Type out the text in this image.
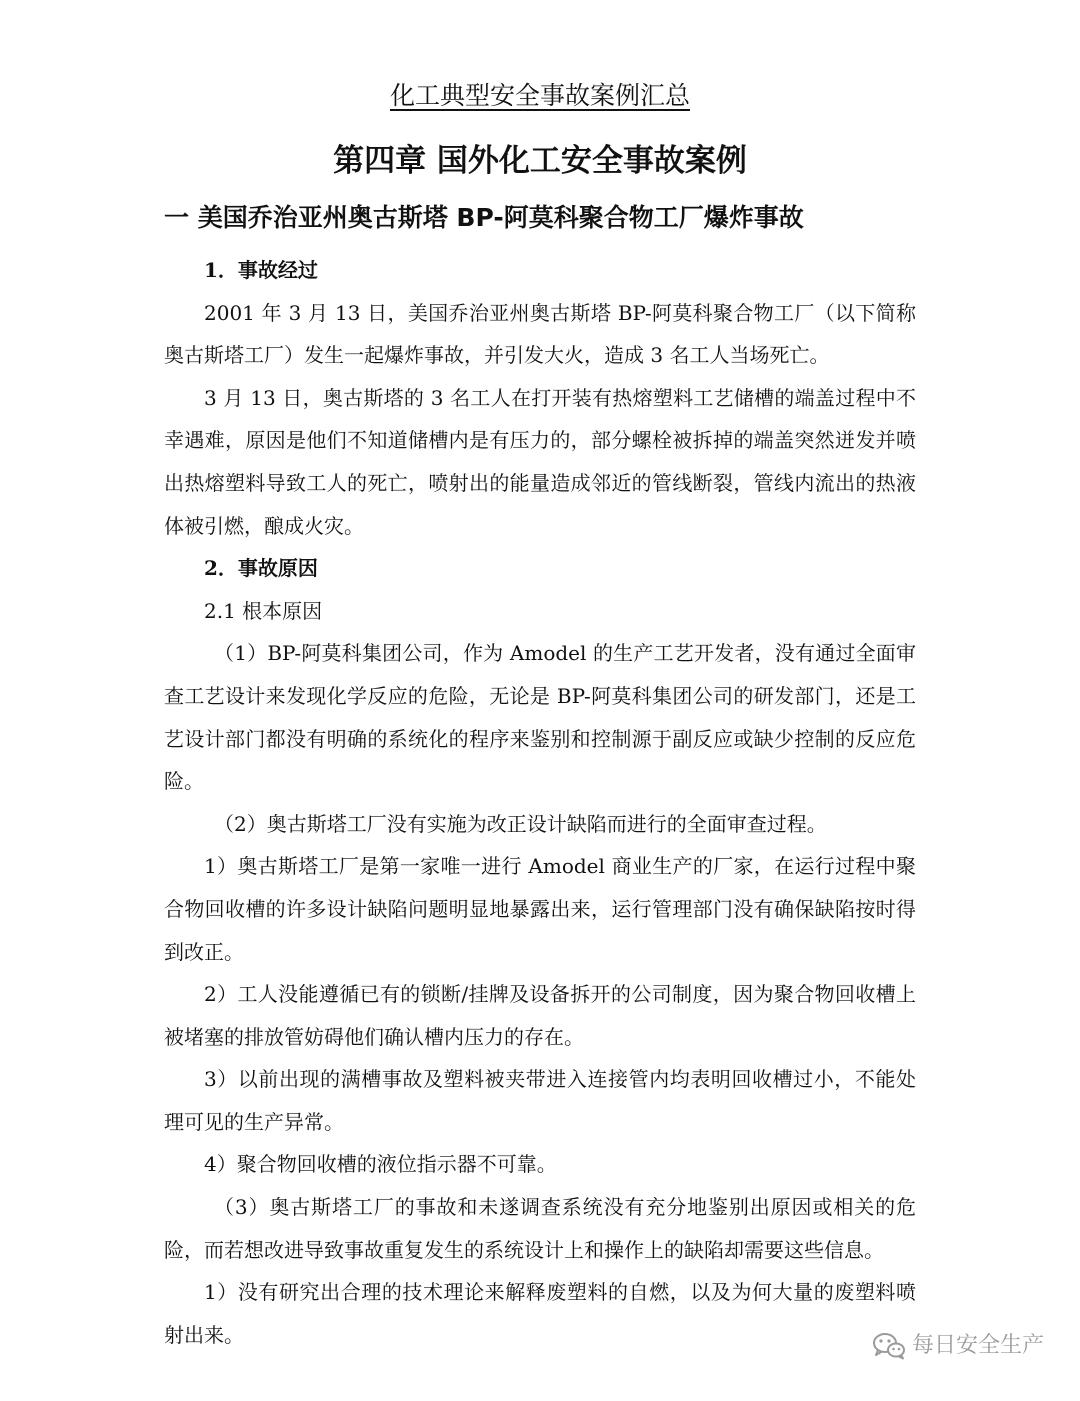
化工典型安全事故案例汇总
第四章 国外化工安全事故案例
一 美国乔治亚州奥古斯塔 BP-阿莫科聚合物工厂爆炸事故

1．事故经过

2001 年 3 月 13 日，美国乔治亚州奥古斯塔 BP-阿莫科聚合物工厂（以下简称奥古斯塔工厂）发生一起爆炸事故，并引发大火，造成 3 名工人当场死亡。

3 月 13 日，奥古斯塔的 3 名工人在打开装有热熔塑料工艺储槽的端盖过程中不幸遇难，原因是他们不知道储槽内是有压力的，部分螺栓被拆掉的端盖突然迸发并喷出热熔塑料导致工人的死亡，喷射出的能量造成邻近的管线断裂，管线内流出的热液体被引燃，酿成火灾。

2．事故原因

2.1 根本原因

（1）BP-阿莫科集团公司，作为 Amodel 的生产工艺开发者，没有通过全面审查工艺设计来发现化学反应的危险，无论是 BP-阿莫科集团公司的研发部门，还是工艺设计部门都没有明确的系统化的程序来鉴别和控制源于副反应或缺少控制的反应危险。

（2）奥古斯塔工厂没有实施为改正设计缺陷而进行的全面审查过程。

1）奥古斯塔工厂是第一家唯一进行 Amodel 商业生产的厂家，在运行过程中聚合物回收槽的许多设计缺陷问题明显地暴露出来，运行管理部门没有确保缺陷按时得到改正。

2）工人没能遵循已有的锁断/挂牌及设备拆开的公司制度，因为聚合物回收槽上被堵塞的排放管妨碍他们确认槽内压力的存在。

3）以前出现的满槽事故及塑料被夹带进入连接管内均表明回收槽过小，不能处理可见的生产异常。

4）聚合物回收槽的液位指示器不可靠。

（3）奥古斯塔工厂的事故和未遂调查系统没有充分地鉴别出原因或相关的危险，而若想改进导致事故重复发生的系统设计上和操作上的缺陷却需要这些信息。

1）没有研究出合理的技术理论来解释废塑料的自燃，以及为何大量的废塑料喷射出来。	每日安全生产
